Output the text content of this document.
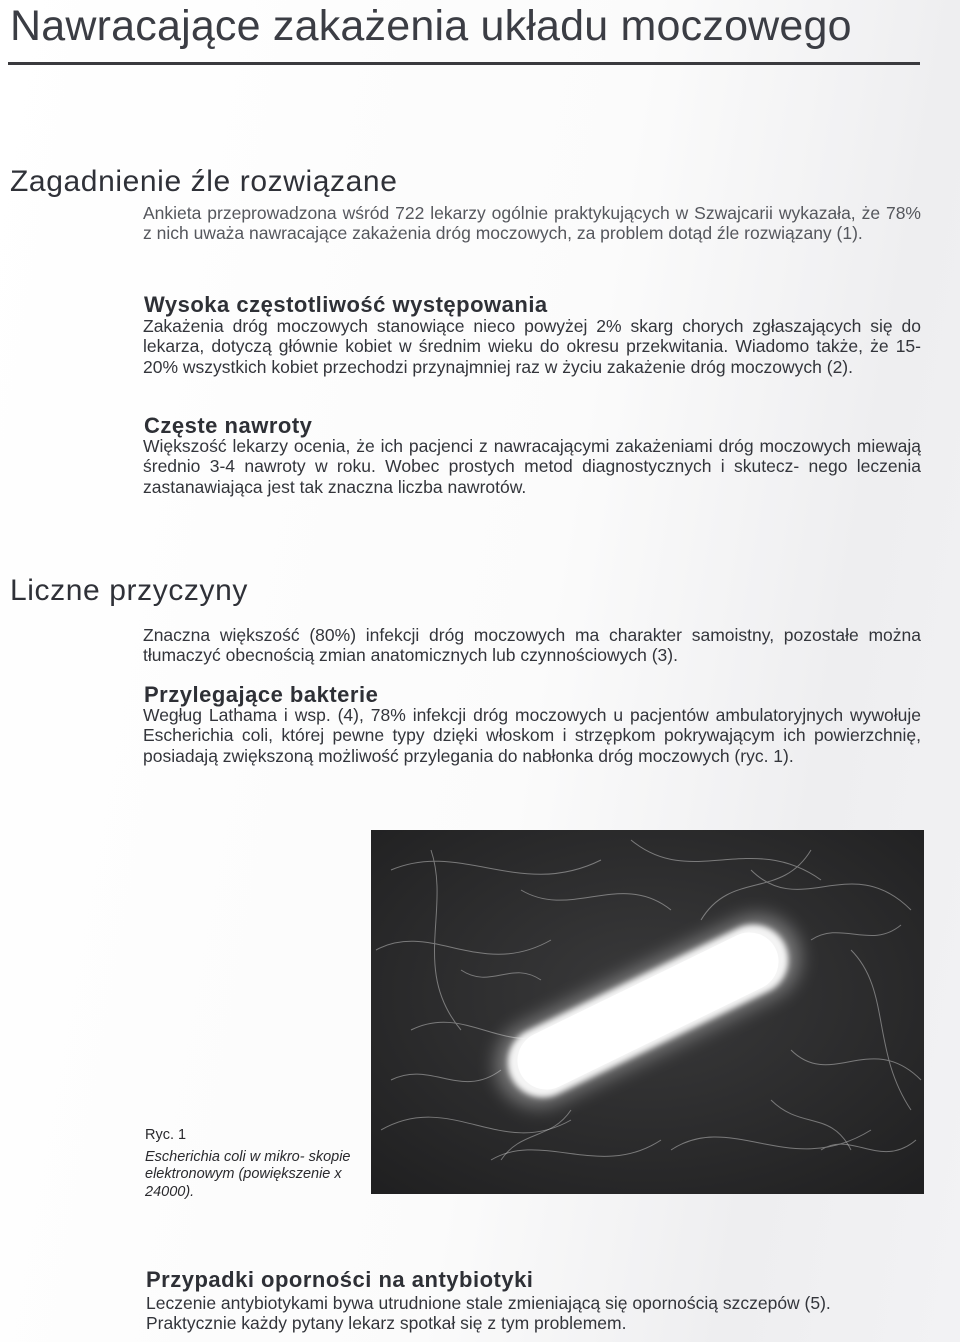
Nawracające zakażenia układu moczowego
Zagadnienie źle rozwiązane

Ankieta przeprowadzona wśród 722 lekarzy ogólnie praktykujących w Szwajcarii wykazała, że 78% z nich uważa nawracające zakażenia dróg moczowych, za problem dotąd źle rozwiązany (1).

Wysoka częstotliwość występowania

Zakażenia dróg moczowych stanowiące nieco powyżej 2% skarg chorych zgłaszających się do lekarza, dotyczą głównie kobiet w średnim wieku do okresu przekwitania. Wiadomo także, że 15-20% wszystkich kobiet przechodzi przynajmniej raz w życiu zakażenie dróg moczowych (2).

Częste nawroty

Większość lekarzy ocenia, że ich pacjenci z nawracającymi zakażeniami dróg moczowych miewają średnio 3-4 nawroty w roku. Wobec prostych metod diagnostycznych i skutecz- nego leczenia zastanawiająca jest tak znaczna liczba nawrotów.

Liczne przyczyny

Znaczna większość (80%) infekcji dróg moczowych ma charakter samoistny, pozostałe można tłumaczyć obecnością zmian anatomicznych lub czynnościowych (3).

Przylegające bakterie

Wegług Lathama i wsp. (4), 78% infekcji dróg moczowych u pacjentów ambulatoryjnych wywołuje Escherichia coli, której pewne typy dzięki włoskom i strzępkom pokrywającym ich powierzchnię, posiadają zwiększoną możliwość przylegania do nabłonka dróg moczowych (ryc. 1).

Ryc. 1
Escherichia coli w mikro- skopie elektronowym (powiększenie x 24000).
Przypadki oporności na antybiotyki

Leczenie antybiotykami bywa utrudnione stale zmieniającą się opornością szczepów (5). Praktycznie każdy pytany lekarz spotkał się z tym problemem.
